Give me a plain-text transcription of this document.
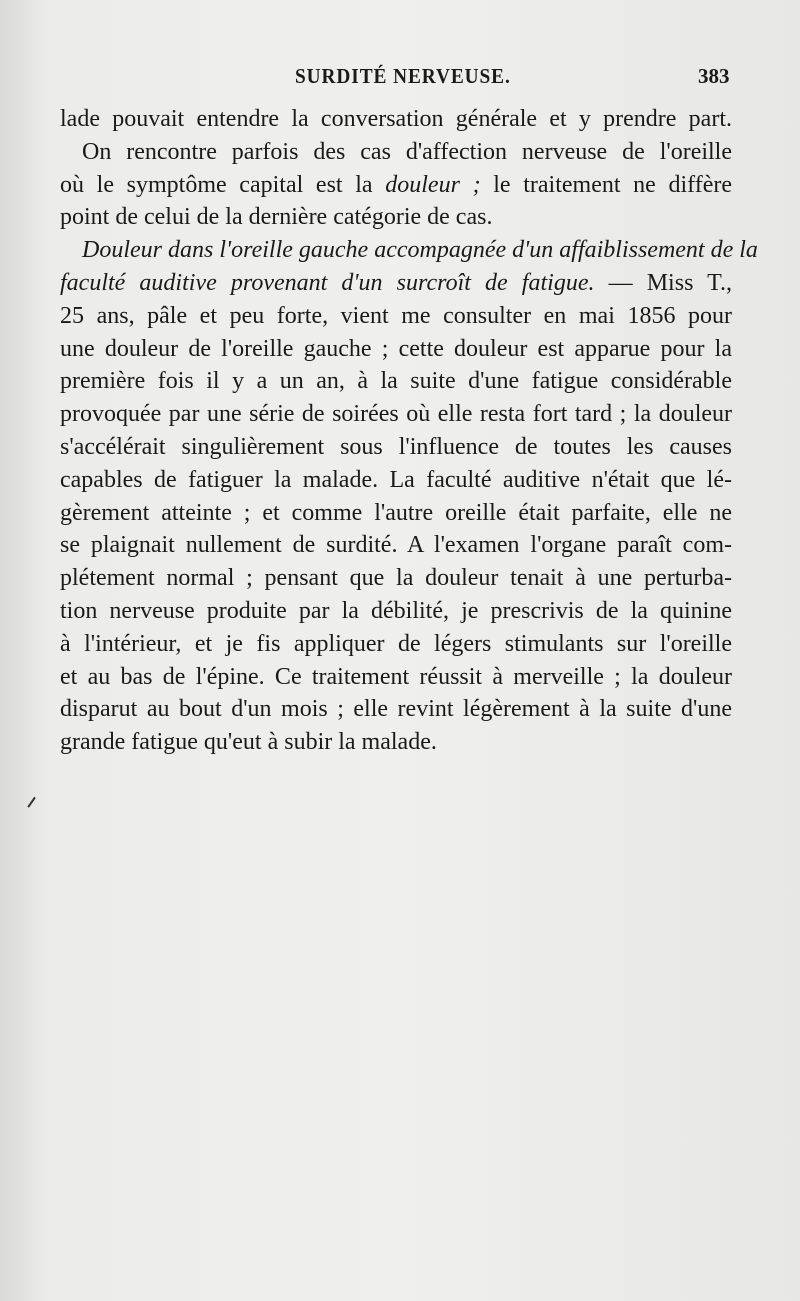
SURDITÉ NERVEUSE.	383
lade pouvait entendre la conversation générale et y prendre part.
On rencontre parfois des cas d'affection nerveuse de l'oreille
où le symptôme capital est la douleur ; le traitement ne diffère
point de celui de la dernière catégorie de cas.
Douleur dans l'oreille gauche accompagnée d'un affaiblissement de la
faculté auditive provenant d'un surcroît de fatigue. — Miss T.,
25 ans, pâle et peu forte, vient me consulter en mai 1856 pour
une douleur de l'oreille gauche ; cette douleur est apparue pour la
première fois il y a un an, à la suite d'une fatigue considérable
provoquée par une série de soirées où elle resta fort tard ; la douleur
s'accélérait singulièrement sous l'influence de toutes les causes
capables de fatiguer la malade. La faculté auditive n'était que lé-
gèrement atteinte ; et comme l'autre oreille était parfaite, elle ne
se plaignait nullement de surdité. A l'examen l'organe paraît com-
plétement normal ; pensant que la douleur tenait à une perturba-
tion nerveuse produite par la débilité, je prescrivis de la quinine
à l'intérieur, et je fis appliquer de légers stimulants sur l'oreille
et au bas de l'épine. Ce traitement réussit à merveille ; la douleur
disparut au bout d'un mois ; elle revint légèrement à la suite d'une
grande fatigue qu'eut à subir la malade.
